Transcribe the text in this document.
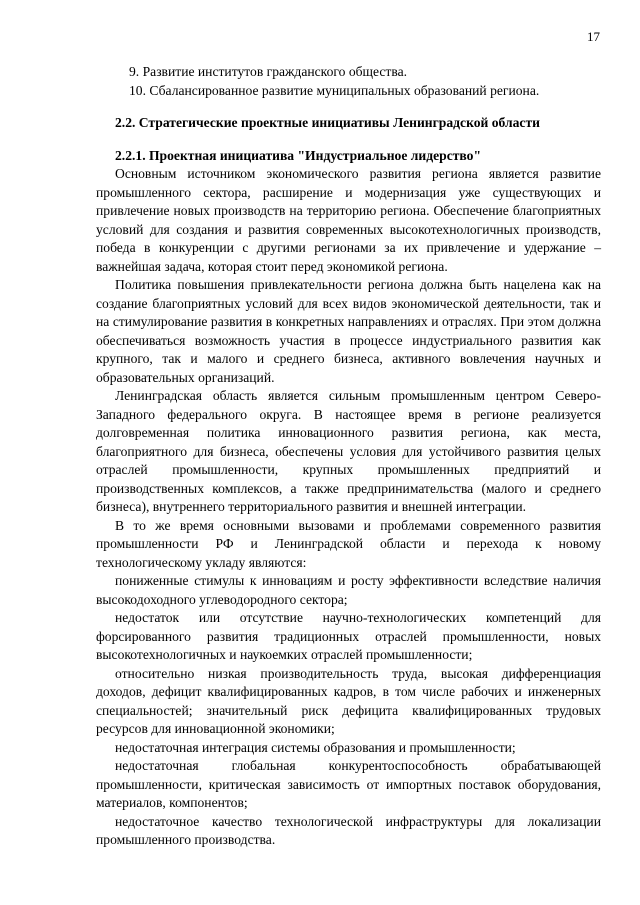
17

9. Развитие институтов гражданского общества.

10. Сбалансированное развитие муниципальных образований региона.

2.2. Стратегические проектные инициативы Ленинградской области

2.2.1. Проектная инициатива "Индустриальное лидерство"

Основным источником экономического развития региона является развитие промышленного сектора, расширение и модернизация уже существующих и привлечение новых производств на территорию региона. Обеспечение благоприятных условий для создания и развития современных высокотехнологичных производств, победа в конкуренции с другими регионами за их привлечение и удержание – важнейшая задача, которая стоит перед экономикой региона.

Политика повышения привлекательности региона должна быть нацелена как на создание благоприятных условий для всех видов экономической деятельности, так и на стимулирование развития в конкретных направлениях и отраслях. При этом должна обеспечиваться возможность участия в процессе индустриального развития как крупного, так и малого и среднего бизнеса, активного вовлечения научных и образовательных организаций.

Ленинградская область является сильным промышленным центром Северо-Западного федерального округа. В настоящее время в регионе реализуется долговременная политика инновационного развития региона, как места, благоприятного для бизнеса, обеспечены условия для устойчивого развития целых отраслей промышленности, крупных промышленных предприятий и производственных комплексов, а также предпринимательства (малого и среднего бизнеса), внутреннего территориального развития и внешней интеграции.

В то же время основными вызовами и проблемами современного развития промышленности РФ и Ленинградской области и перехода к новому технологическому укладу являются:

пониженные стимулы к инновациям и росту эффективности вследствие наличия высокодоходного углеводородного сектора;

недостаток или отсутствие научно-технологических компетенций для форсированного развития традиционных отраслей промышленности, новых высокотехнологичных и наукоемких отраслей промышленности;

относительно низкая производительность труда, высокая дифференциация доходов, дефицит квалифицированных кадров, в том числе рабочих и инженерных специальностей; значительный риск дефицита квалифицированных трудовых ресурсов для инновационной экономики;

недостаточная интеграция системы образования и промышленности;

недостаточная глобальная конкурентоспособность обрабатывающей промышленности, критическая зависимость от импортных поставок оборудования, материалов, компонентов;

недостаточное качество технологической инфраструктуры для локализации промышленного производства.
